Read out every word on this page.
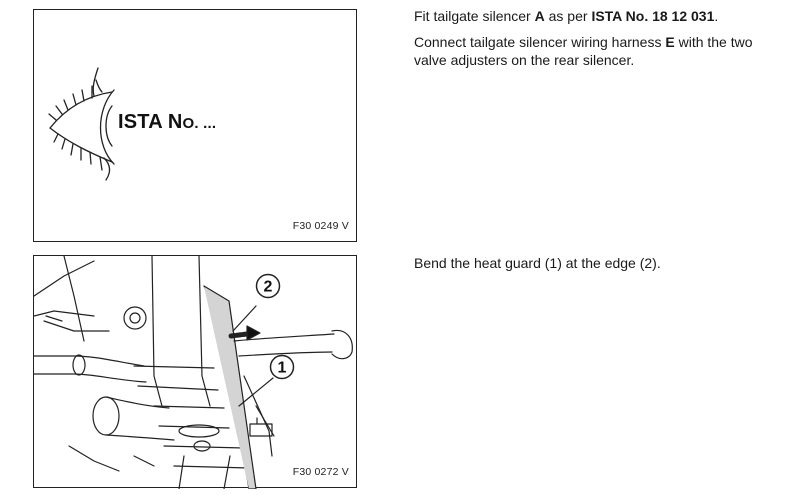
ISTA NO. ...
F30 0249 V
2
1
F30 0272 V

Fit tailgate silencer A as per ISTA No. 18 12 031.

Connect tailgate silencer wiring harness E with the two valve adjusters on the rear silencer.

Bend the heat guard (1) at the edge (2).
